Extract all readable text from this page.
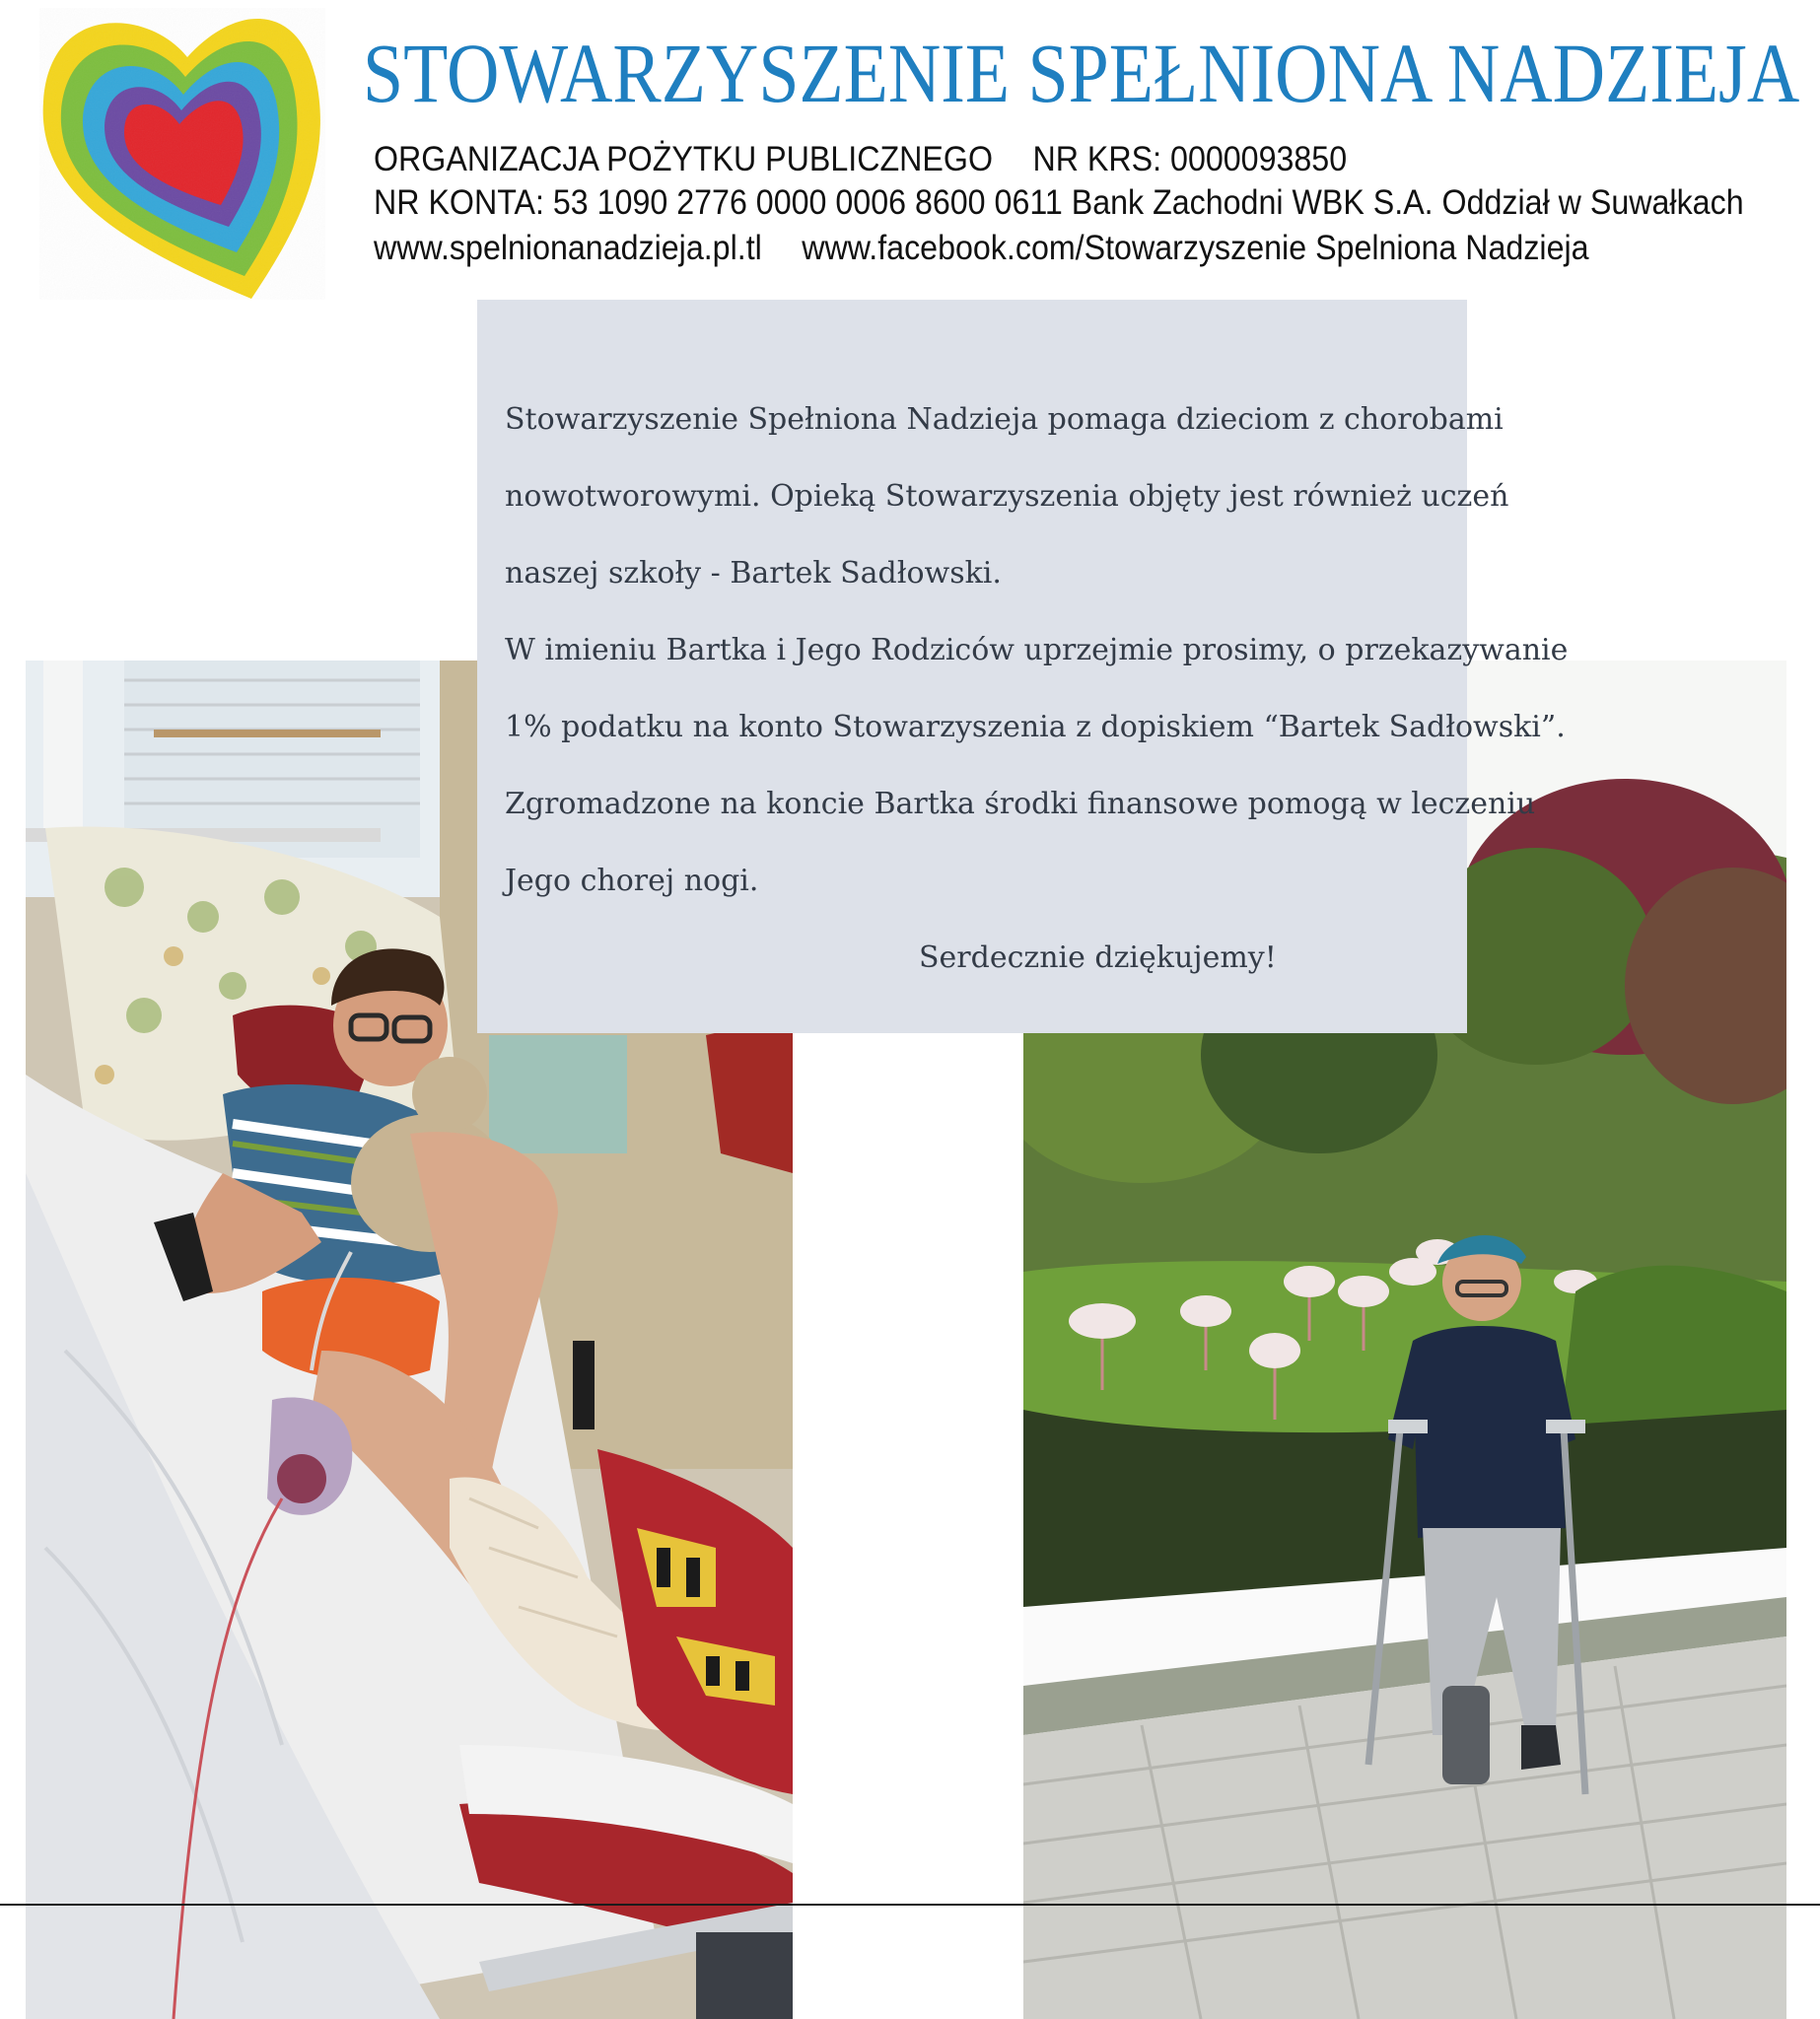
STOWARZYSZENIE SPEŁNIONA NADZIEJA
ORGANIZACJA POŻYTKU PUBLICZNEGO NR KRS: 0000093850
NR KONTA: 53 1090 2776 0000 0006 8600 0611 Bank Zachodni WBK S.A. Oddział w Suwałkach
www.spelnionanadzieja.pl.tl www.facebook.com/Stowarzyszenie Spelniona Nadzieja
Stowarzyszenie Spełniona Nadzieja pomaga dzieciom z chorobami
nowotworowymi. Opieką Stowarzyszenia objęty jest również uczeń
naszej szkoły - Bartek Sadłowski.
W imieniu Bartka i Jego Rodziców uprzejmie prosimy, o przekazywanie
1% podatku na konto Stowarzyszenia z dopiskiem “Bartek Sadłowski”.
Zgromadzone na koncie Bartka środki finansowe pomogą w leczeniu
Jego chorej nogi.
Serdecznie dziękujemy!
